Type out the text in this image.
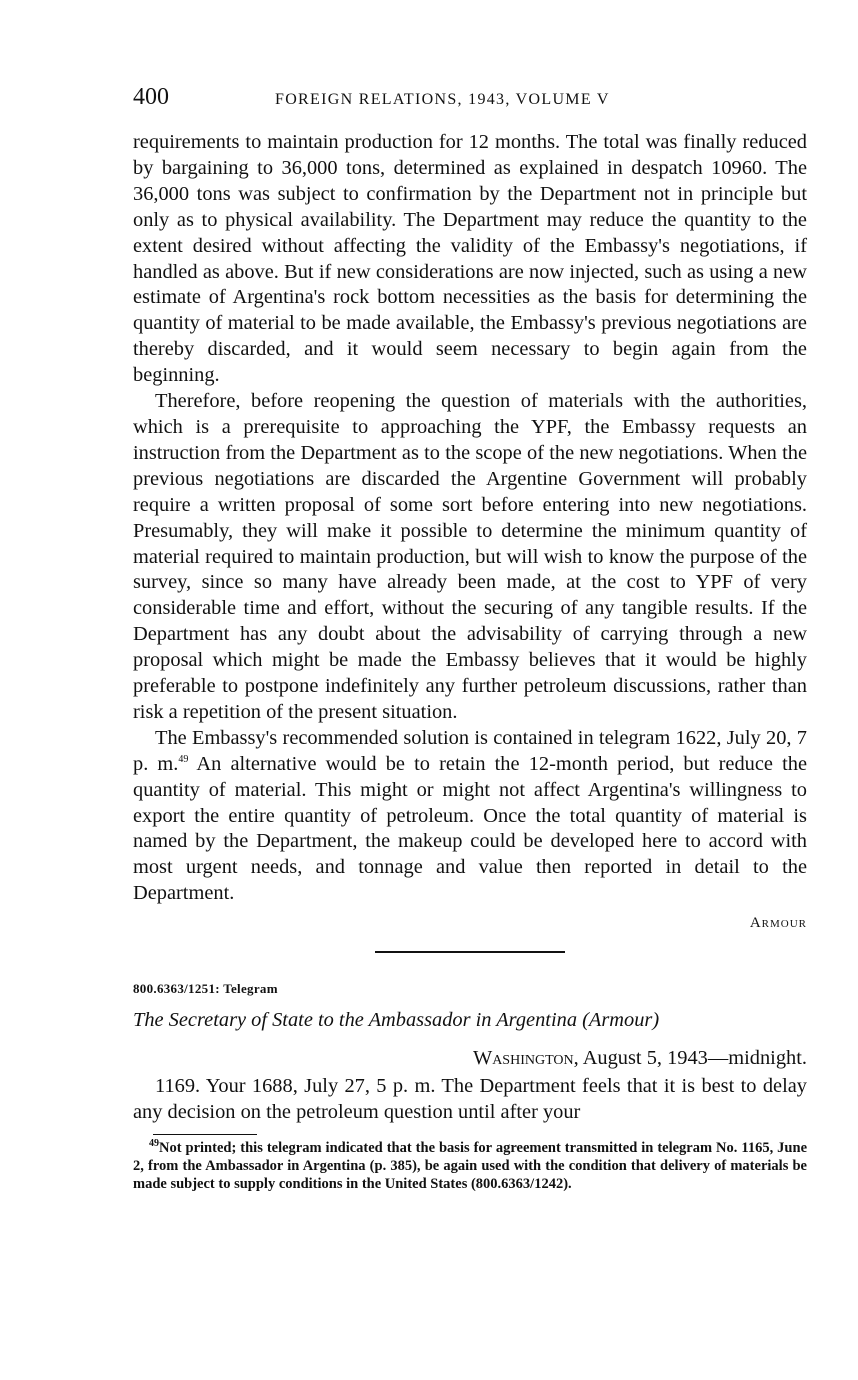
400	FOREIGN RELATIONS, 1943, VOLUME V

requirements to maintain production for 12 months. The total was finally reduced by bargaining to 36,000 tons, determined as explained in despatch 10960. The 36,000 tons was subject to confirmation by the Department not in principle but only as to physical availability. The Department may reduce the quantity to the extent desired without affecting the validity of the Embassy's negotiations, if handled as above. But if new considerations are now injected, such as using a new estimate of Argentina's rock bottom necessities as the basis for determining the quantity of material to be made available, the Embassy's previous negotiations are thereby discarded, and it would seem necessary to begin again from the beginning.

Therefore, before reopening the question of materials with the authorities, which is a prerequisite to approaching the YPF, the Embassy requests an instruction from the Department as to the scope of the new negotiations. When the previous negotiations are discarded the Argentine Government will probably require a written proposal of some sort before entering into new negotiations. Presumably, they will make it possible to determine the minimum quantity of material required to maintain production, but will wish to know the purpose of the survey, since so many have already been made, at the cost to YPF of very considerable time and effort, without the securing of any tangible results. If the Department has any doubt about the advisability of carrying through a new proposal which might be made the Embassy believes that it would be highly preferable to postpone indefinitely any further petroleum discussions, rather than risk a repetition of the present situation.

The Embassy's recommended solution is contained in telegram 1622, July 20, 7 p. m.$^{49}$ An alternative would be to retain the 12-month period, but reduce the quantity of material. This might or might not affect Argentina's willingness to export the entire quantity of petroleum. Once the total quantity of material is named by the Department, the makeup could be developed here to accord with most urgent needs, and tonnage and value then reported in detail to the Department.

Armour
800.6363/1251: Telegram
The Secretary of State to the Ambassador in Argentina (Armour)
Washington, August 5, 1943—midnight.

1169. Your 1688, July 27, 5 p. m. The Department feels that it is best to delay any decision on the petroleum question until after your

$^{49}$Not printed; this telegram indicated that the basis for agreement transmitted in telegram No. 1165, June 2, from the Ambassador in Argentina (p. 385), be again used with the condition that delivery of materials be made subject to supply conditions in the United States (800.6363/1242).
